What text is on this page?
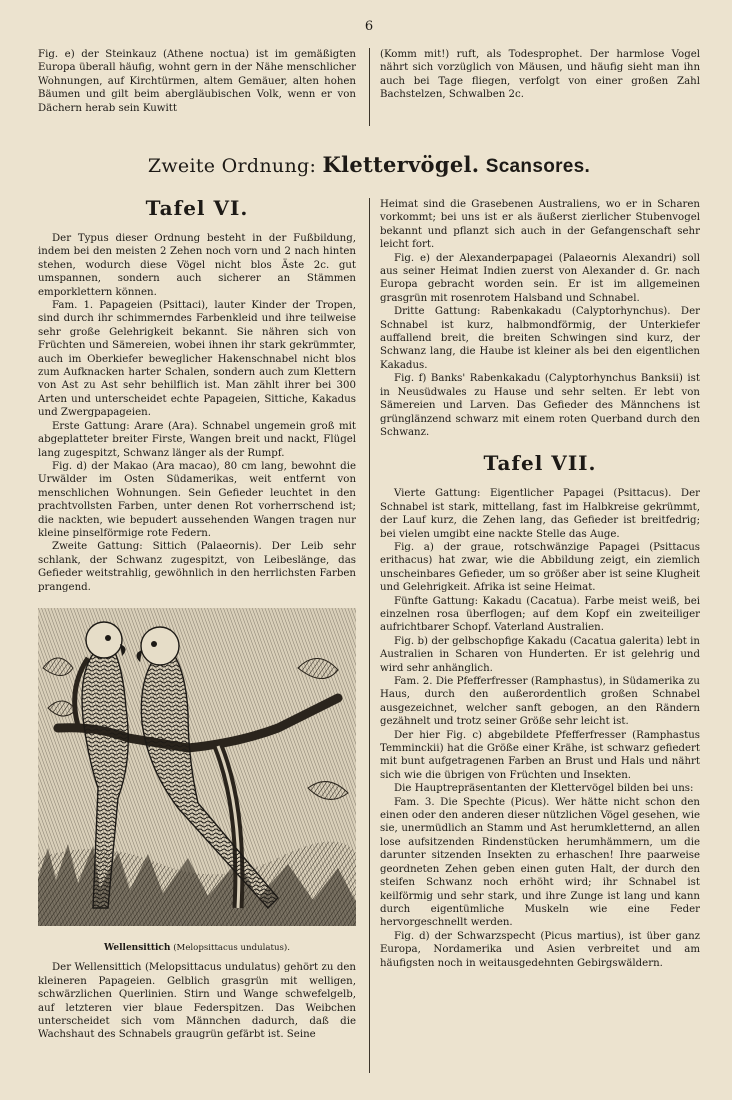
6

Fig. e) der Steinkauz (Athene noctua) ist im gemäßigten Europa überall häufig, wohnt gern in der Nähe menschlicher Wohnungen, auf Kirchtürmen, altem Gemäuer, alten hohen Bäumen und gilt beim abergläubischen Volk, wenn er von Dächern herab sein Kuwitt

(Komm mit!) ruft, als Todesprophet. Der harmlose Vogel nährt sich vorzüglich von Mäusen, und häufig sieht man ihn auch bei Tage fliegen, verfolgt von einer großen Zahl Bachstelzen, Schwalben 2c.

Zweite Ordnung: Klettervögel. Scansores.
Tafel VI.

Der Typus dieser Ordnung besteht in der Fußbildung, indem bei den meisten 2 Zehen noch vorn und 2 nach hinten stehen, wodurch diese Vögel nicht blos Äste 2c. gut umspannen, sondern auch sicherer an Stämmen emporklettern können.

Fam. 1. Papageien (Psittaci), lauter Kinder der Tropen, sind durch ihr schimmerndes Farbenkleid und ihre teilweise sehr große Gelehrigkeit bekannt. Sie nähren sich von Früchten und Sämereien, wobei ihnen ihr stark gekrümmter, auch im Oberkiefer beweglicher Hakenschnabel nicht blos zum Aufknacken harter Schalen, sondern auch zum Klettern von Ast zu Ast sehr behilflich ist. Man zählt ihrer bei 300 Arten und unterscheidet echte Papageien, Sittiche, Kakadus und Zwergpapageien.

Erste Gattung: Arare (Ara). Schnabel ungemein groß mit abgeplatteter breiter Firste, Wangen breit und nackt, Flügel lang zugespitzt, Schwanz länger als der Rumpf.

Fig. d) der Makao (Ara macao), 80 cm lang, bewohnt die Urwälder im Osten Südamerikas, weit entfernt von menschlichen Wohnungen. Sein Gefieder leuchtet in den prachtvollsten Farben, unter denen Rot vorherrschend ist; die nackten, wie bepudert aussehenden Wangen tragen nur kleine pinselförmige rote Federn.

Zweite Gattung: Sittich (Palaeornis). Der Leib sehr schlank, der Schwanz zugespitzt, von Leibeslänge, das Gefieder weitstrahlig, gewöhnlich in den herrlichsten Farben prangend.

Wellensittich (Melopsittacus undulatus).

Der Wellensittich (Melopsittacus undulatus) gehört zu den kleineren Papageien. Gelblich grasgrün mit welligen, schwärzlichen Querlinien. Stirn und Wange schwefelgelb, auf letzteren vier blaue Federspitzen. Das Weibchen unterscheidet sich vom Männchen dadurch, daß die Wachshaut des Schnabels graugrün gefärbt ist. Seine

Heimat sind die Grasebenen Australiens, wo er in Scharen vorkommt; bei uns ist er als äußerst zierlicher Stubenvogel bekannt und pflanzt sich auch in der Gefangenschaft sehr leicht fort.

Fig. e) der Alexanderpapagei (Palaeornis Alexandri) soll aus seiner Heimat Indien zuerst von Alexander d. Gr. nach Europa gebracht worden sein. Er ist im allgemeinen grasgrün mit rosenrotem Halsband und Schnabel.

Dritte Gattung: Rabenkakadu (Calyptorhynchus). Der Schnabel ist kurz, halbmondförmig, der Unterkiefer auffallend breit, die breiten Schwingen sind kurz, der Schwanz lang, die Haube ist kleiner als bei den eigentlichen Kakadus.

Fig. f) Banks' Rabenkakadu (Calyptorhynchus Banksii) ist in Neusüdwales zu Hause und sehr selten. Er lebt von Sämereien und Larven. Das Gefieder des Männchens ist grünglänzend schwarz mit einem roten Querband durch den Schwanz.

Tafel VII.

Vierte Gattung: Eigentlicher Papagei (Psittacus). Der Schnabel ist stark, mittellang, fast im Halbkreise gekrümmt, der Lauf kurz, die Zehen lang, das Gefieder ist breitfedrig; bei vielen umgibt eine nackte Stelle das Auge.

Fig. a) der graue, rotschwänzige Papagei (Psittacus erithacus) hat zwar, wie die Abbildung zeigt, ein ziemlich unscheinbares Gefieder, um so größer aber ist seine Klugheit und Gelehrigkeit. Afrika ist seine Heimat.

Fünfte Gattung: Kakadu (Cacatua). Farbe meist weiß, bei einzelnen rosa überflogen; auf dem Kopf ein zweiteiliger aufrichtbarer Schopf. Vaterland Australien.

Fig. b) der gelbschopfige Kakadu (Cacatua galerita) lebt in Australien in Scharen von Hunderten. Er ist gelehrig und wird sehr anhänglich.

Fam. 2. Die Pfefferfresser (Ramphastus), in Südamerika zu Haus, durch den außerordentlich großen Schnabel ausgezeichnet, welcher sanft gebogen, an den Rändern gezähnelt und trotz seiner Größe sehr leicht ist.

Der hier Fig. c) abgebildete Pfefferfresser (Ramphastus Temminckii) hat die Größe einer Krähe, ist schwarz gefiedert mit bunt aufgetragenen Farben an Brust und Hals und nährt sich wie die übrigen von Früchten und Insekten.

Die Hauptrepräsentanten der Klettervögel bilden bei uns:

Fam. 3. Die Spechte (Picus). Wer hätte nicht schon den einen oder den anderen dieser nützlichen Vögel gesehen, wie sie, unermüdlich an Stamm und Ast herumkletternd, an allen lose aufsitzenden Rindenstücken herumhämmern, um die darunter sitzenden Insekten zu erhaschen! Ihre paarweise geordneten Zehen geben einen guten Halt, der durch den steifen Schwanz noch erhöht wird; ihr Schnabel ist keilförmig und sehr stark, und ihre Zunge ist lang und kann durch eigentümliche Muskeln wie eine Feder hervorgeschnellt werden.

Fig. d) der Schwarzspecht (Picus martius), ist über ganz Europa, Nordamerika und Asien verbreitet und am häufigsten noch in weitausgedehnten Gebirgswäldern.
